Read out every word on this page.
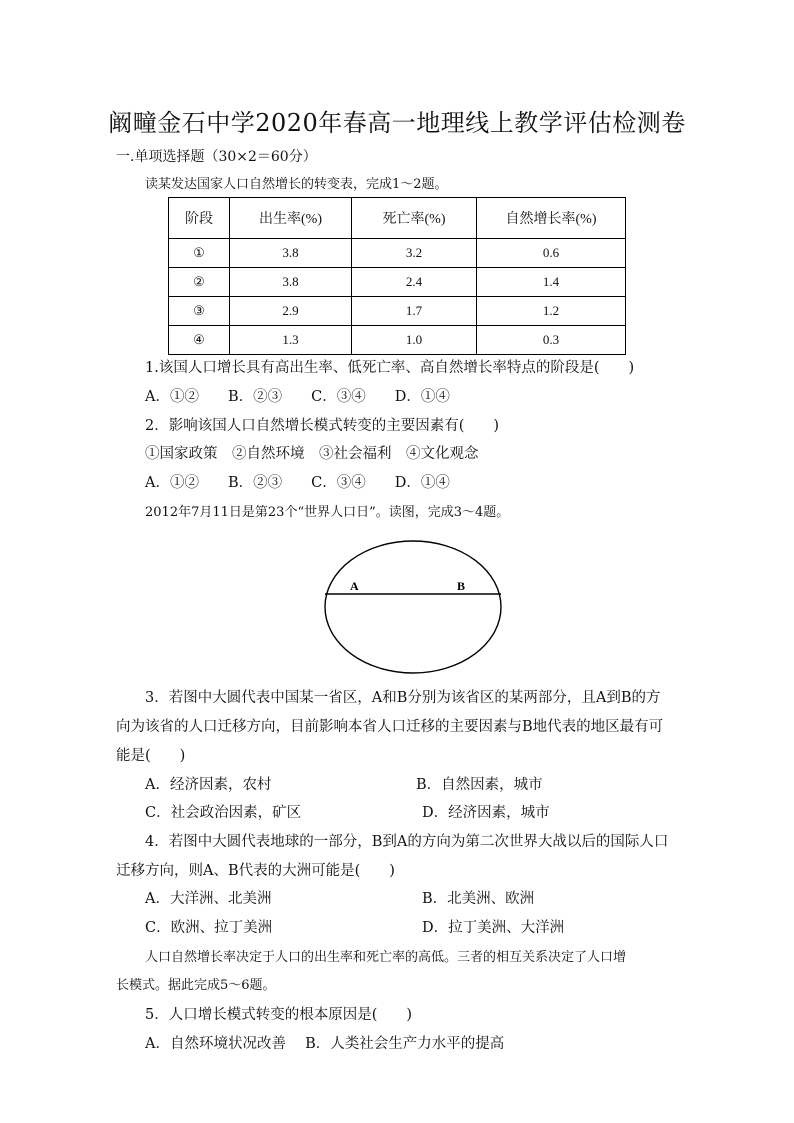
阚疃金石中学2020年春高一地理线上教学评估检测卷
一.单项选择题（30×2＝60分）
读某发达国家人口自然增长的转变表，完成1～2题。
阶段	出生率(%)	死亡率(%)	自然增长率(%)
①	3.8	3.2	0.6
②	3.8	2.4	1.4
③	2.9	1.7	1.2
④	1.3	1.0	0.3
1.该国人口增长具有高出生率、低死亡率、高自然增长率特点的阶段是(　　)
A．①②　　B．②③　　C．③④　　D．①④
2．影响该国人口自然增长模式转变的主要因素有(　　)
①国家政策　②自然环境　③社会福利　④文化观念
A．①②　　B．②③　　C．③④　　D．①④
2012年7月11日是第23个“世界人口日”。读图，完成3～4题。
A	B
3．若图中大圆代表中国某一省区，A和B分别为该省区的某两部分，且A到B的方
向为该省的人口迁移方向，目前影响本省人口迁移的主要因素与B地代表的地区最有可
能是(　　)
A．经济因素，农村	B．自然因素，城市
C．社会政治因素，矿区	D．经济因素，城市
4．若图中大圆代表地球的一部分，B到A的方向为第二次世界大战以后的国际人口
迁移方向，则A、B代表的大洲可能是(　　)
A．大洋洲、北美洲	B．北美洲、欧洲
C．欧洲、拉丁美洲	D．拉丁美洲、大洋洲
人口自然增长率决定于人口的出生率和死亡率的高低。三者的相互关系决定了人口增
长模式。据此完成5～6题。
5．人口增长模式转变的根本原因是(　　)
A．自然环境状况改善　 B．人类社会生产力水平的提高
